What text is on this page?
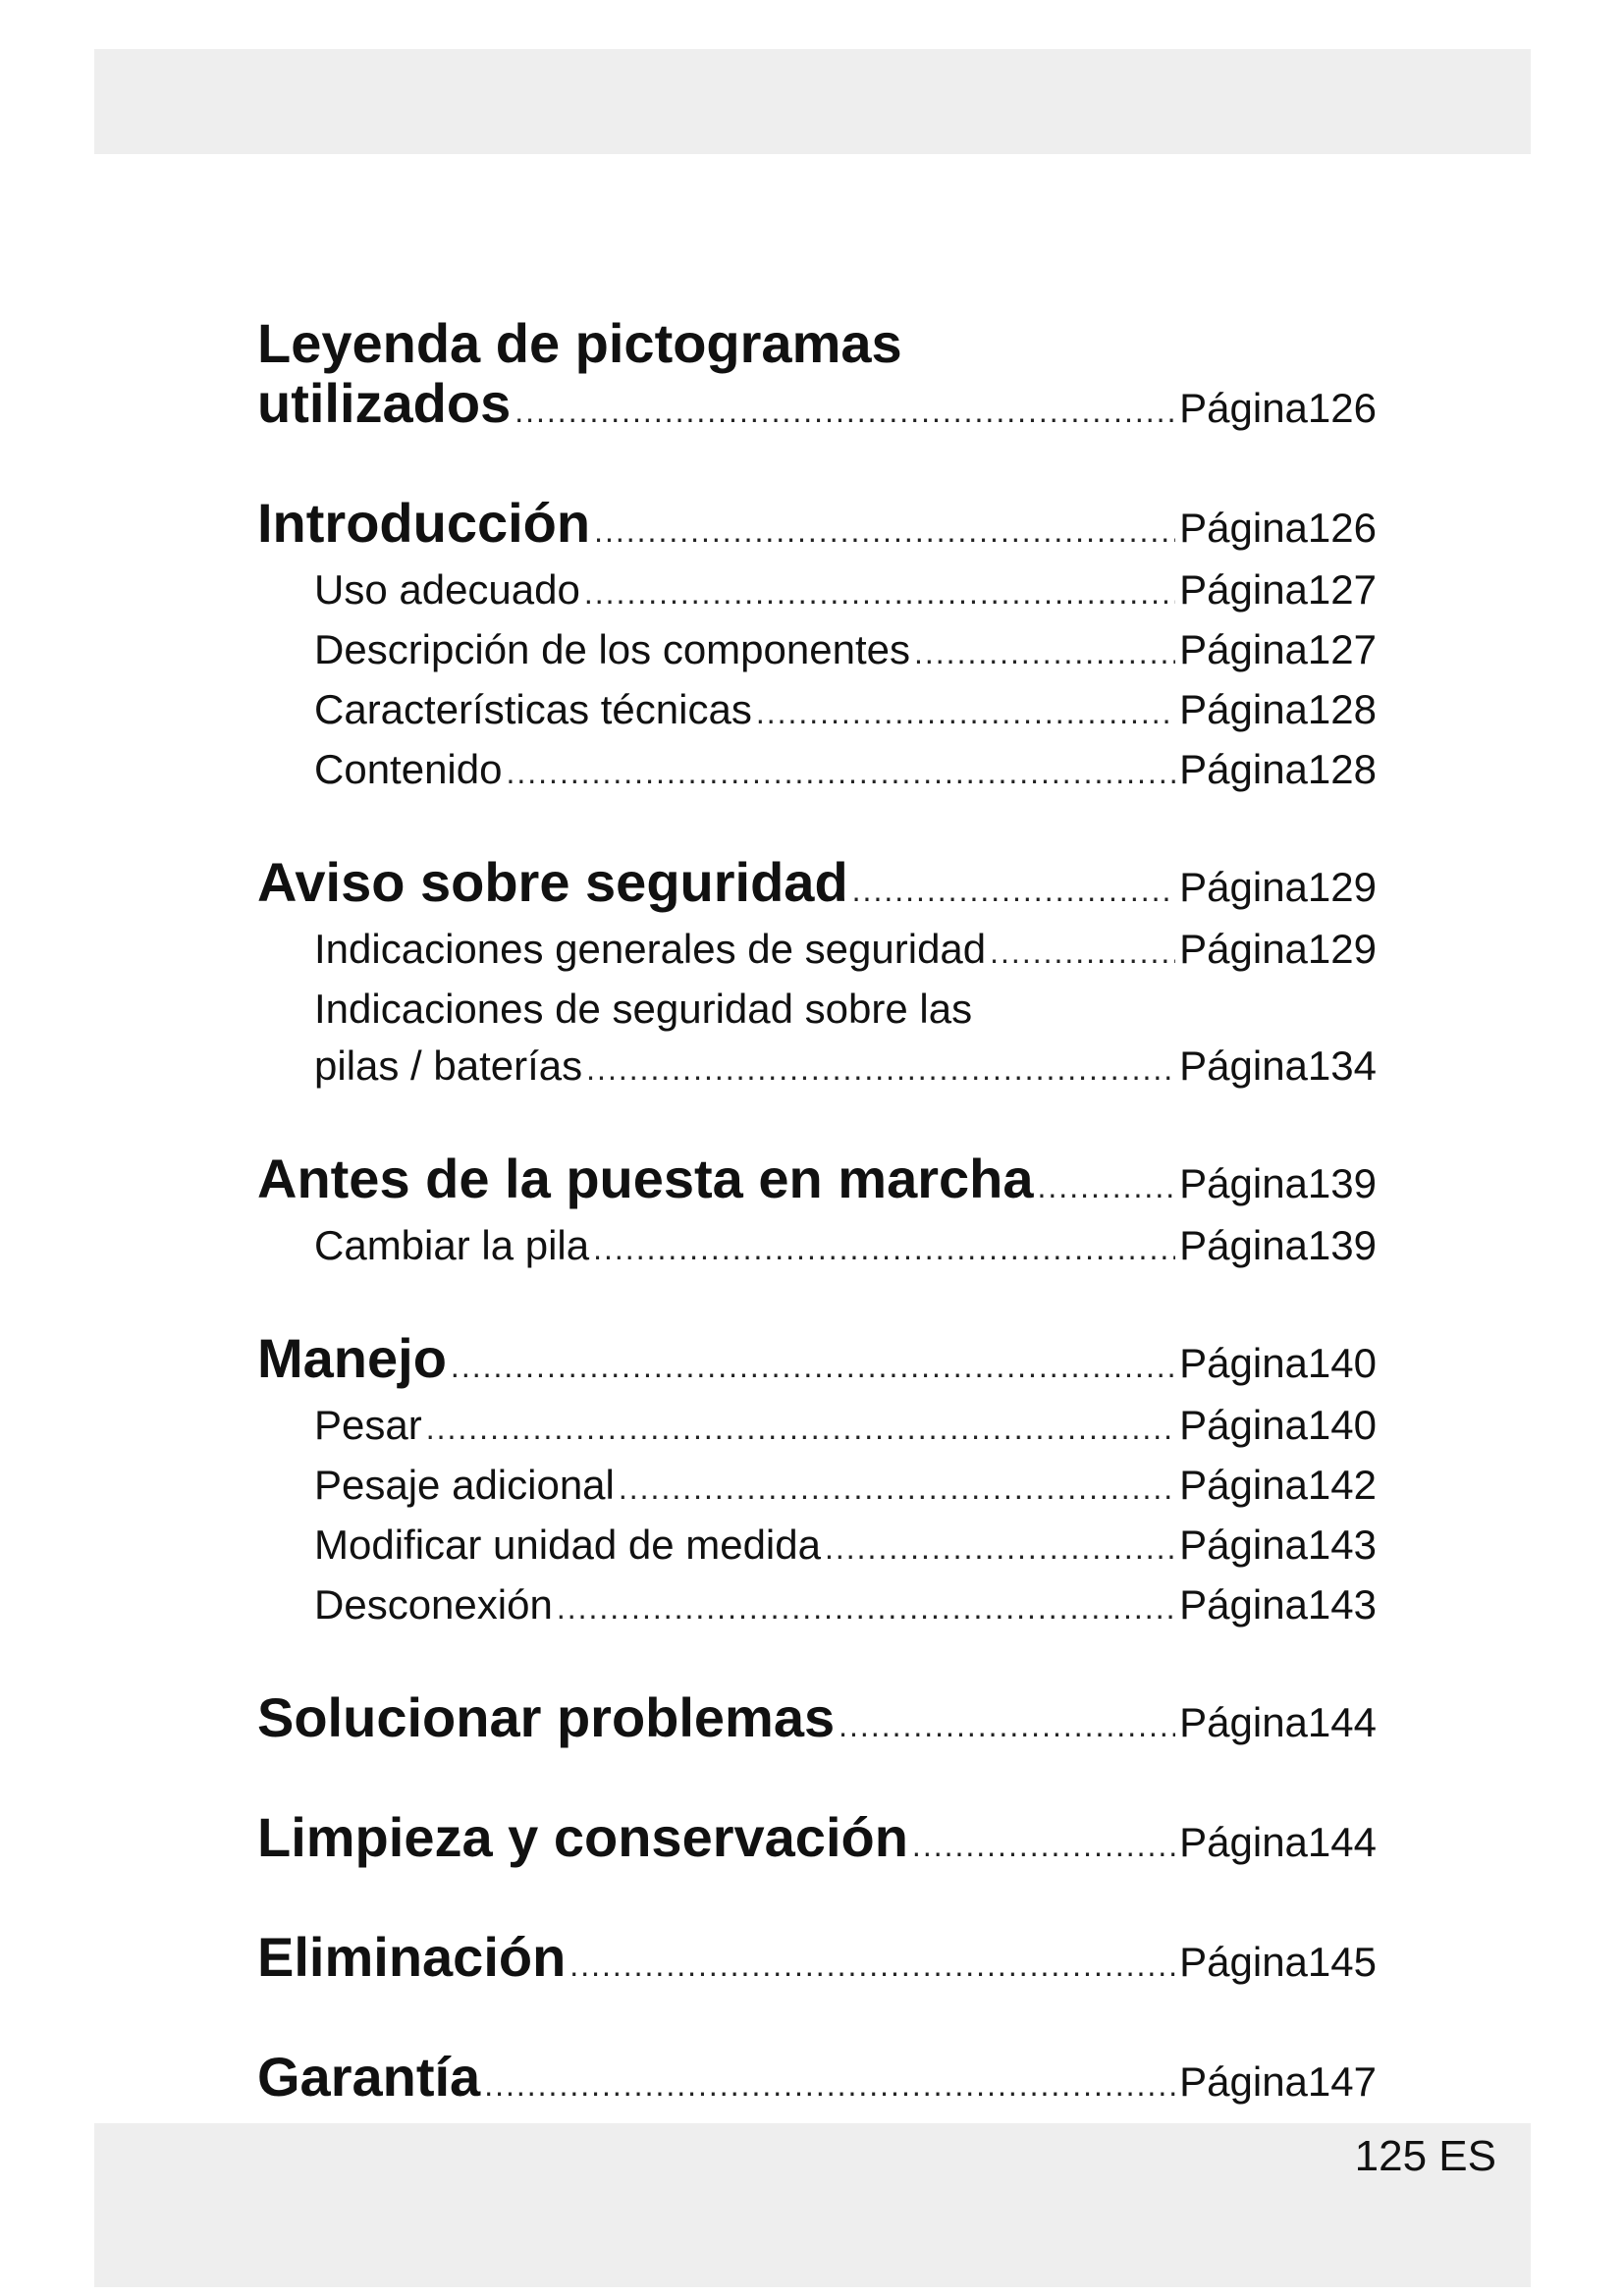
Leyenda de pictogramas
utilizados .....	Página 126
Introducción .....	Página 126
Uso adecuado .....	Página 127
Descripción de los componentes .....	Página 127
Características técnicas .....	Página 128
Contenido .....	Página 128
Aviso sobre seguridad .....	Página 129
Indicaciones generales de seguridad .....	Página 129
Indicaciones de seguridad sobre las
pilas / baterías .....	Página 134
Antes de la puesta en marcha .....	Página 139
Cambiar la pila .....	Página 139
Manejo .....	Página 140
Pesar .....	Página 140
Pesaje adicional .....	Página 142
Modificar unidad de medida .....	Página 143
Desconexión .....	Página 143
Solucionar problemas .....	Página 144
Limpieza y conservación .....	Página 144
Eliminación .....	Página 145
Garantía .....	Página 147
125 ES
